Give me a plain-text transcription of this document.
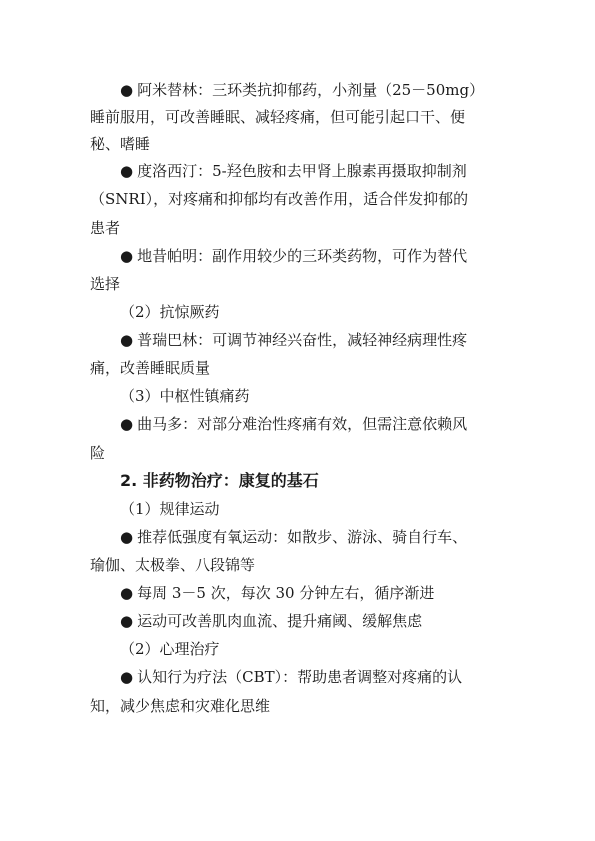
● 阿米替林：三环类抗抑郁药，小剂量（25－50mg）
睡前服用，可改善睡眠、减轻疼痛，但可能引起口干、便
秘、嗜睡
● 度洛西汀：5-羟色胺和去甲肾上腺素再摄取抑制剂
（SNRI），对疼痛和抑郁均有改善作用，适合伴发抑郁的
患者
● 地昔帕明：副作用较少的三环类药物，可作为替代
选择
（2）抗惊厥药
● 普瑞巴林：可调节神经兴奋性，减轻神经病理性疼
痛，改善睡眠质量
（3）中枢性镇痛药
● 曲马多：对部分难治性疼痛有效，但需注意依赖风
险
2. 非药物治疗：康复的基石
（1）规律运动
● 推荐低强度有氧运动：如散步、游泳、骑自行车、
瑜伽、太极拳、八段锦等
● 每周 3－5 次，每次 30 分钟左右，循序渐进
● 运动可改善肌肉血流、提升痛阈、缓解焦虑
（2）心理治疗
● 认知行为疗法（CBT）：帮助患者调整对疼痛的认
知，减少焦虑和灾难化思维
